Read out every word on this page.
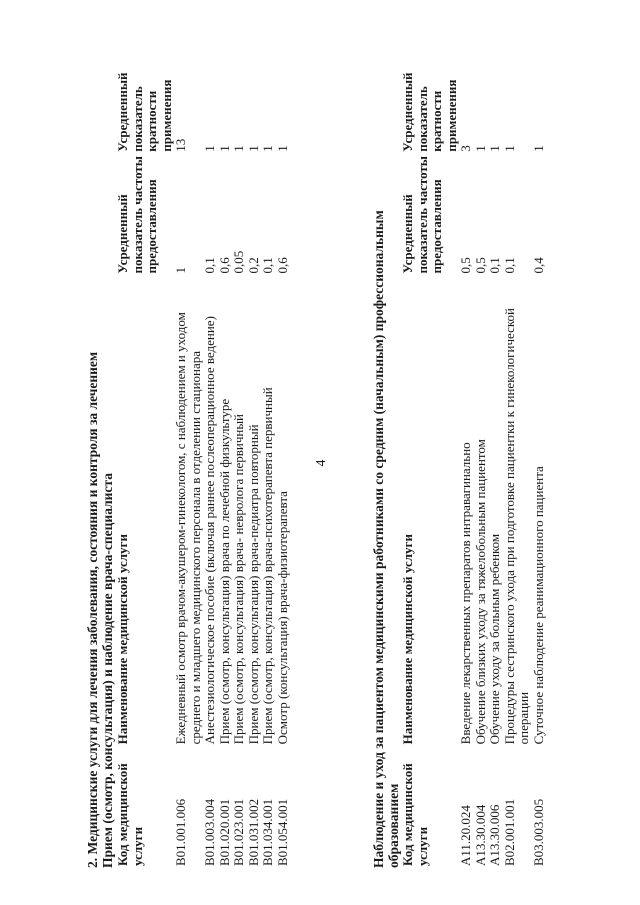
4
2. Медицинские услуги для лечения заболевания, состояния и контроля за лечением Прием (осмотр, консультация) и наблюдение врача-специалиста Код медицинской услуги	Наименование медицинской услуги	Усредненный показатель частоты предоставления	Усредненный показатель кратности применения
B01.001.006	Ежедневный осмотр врачом-акушером-гинекологом, с наблюдением и уходом среднего и младшего медицинского персонала в отделении стационара	1	13
B01.003.004	Анестезиологическое пособие (включая раннее послеоперационное ведение)	0,1	1
B01.020.001	Прием (осмотр, консультация) врача по лечебной физкультуре	0,6	1
B01.023.001	Прием (осмотр, консультация) врача- невролога первичный	0,05	1
B01.031.002	Прием (осмотр, консультация) врача-педиатра повторный	0,2	1
B01.034.001	Прием (осмотр, консультация) врача-психотерапевта первичный	0,1	1
B01.054.001	Осмотр (консультация) врача-физиотерапевта	0,6	1
Наблюдение и уход за пациентом медицинскими работниками со средним (начальным) профессиональным образованием Код медицинской услуги	Наименование медицинской услуги	Усредненный показатель частоты предоставления	Усредненный показатель кратности применения
A11.20.024	Введение лекарственных препаратов интравагинально	0,5	3
A13.30.004	Обучение близких уходу за тяжелобольным пациентом	0,5	1
A13.30.006	Обучение уходу за больным ребенком	0,1	1
B02.001.001	Процедуры сестринского ухода при подготовке пациентки к гинекологической операции	0,1	1
B03.003.005	Суточное наблюдение реанимационного пациента	0,4	1
